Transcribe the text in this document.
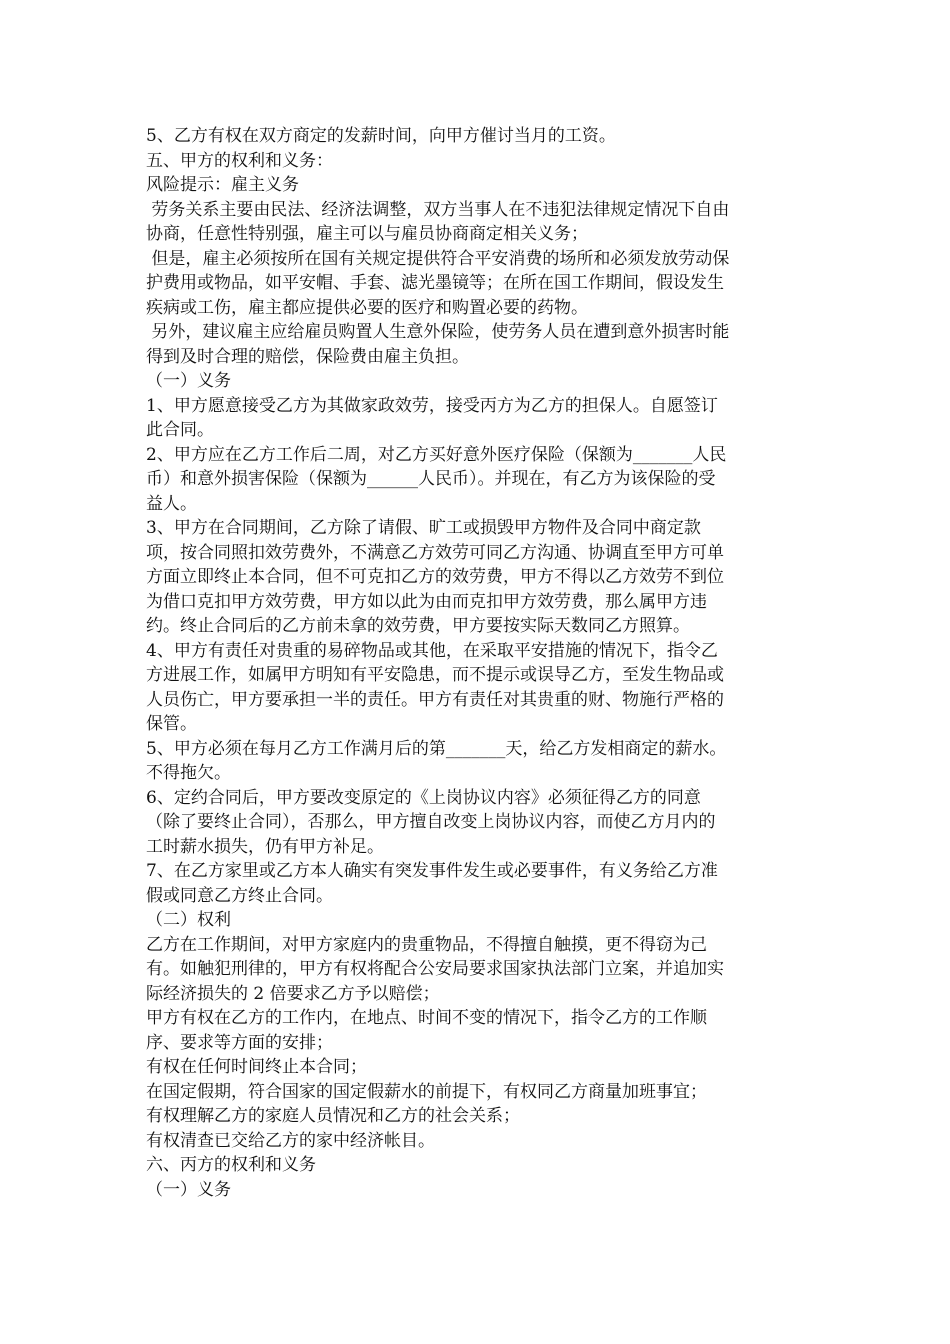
5、乙方有权在双方商定的发薪时间，向甲方催讨当月的工资。
五、甲方的权利和义务：
风险提示：雇主义务
劳务关系主要由民法、经济法调整，双方当事人在不违犯法律规定情况下自由
协商，任意性特别强，雇主可以与雇员协商商定相关义务；
但是，雇主必须按所在国有关规定提供符合平安消费的场所和必须发放劳动保
护费用或物品，如平安帽、手套、滤光墨镜等；在所在国工作期间，假设发生
疾病或工伤，雇主都应提供必要的医疗和购置必要的药物。
另外，建议雇主应给雇员购置人生意外保险，使劳务人员在遭到意外损害时能
得到及时合理的赔偿，保险费由雇主负担。
（一）义务
1、甲方愿意接受乙方为其做家政效劳，接受丙方为乙方的担保人。自愿签订
此合同。
2、甲方应在乙方工作后二周，对乙方买好意外医疗保险（保额为_______人民
币）和意外损害保险（保额为______人民币）。并现在，有乙方为该保险的受
益人。
3、甲方在合同期间，乙方除了请假、旷工或损毁甲方物件及合同中商定款
项，按合同照扣效劳费外，不满意乙方效劳可同乙方沟通、协调直至甲方可单
方面立即终止本合同，但不可克扣乙方的效劳费，甲方不得以乙方效劳不到位
为借口克扣甲方效劳费，甲方如以此为由而克扣甲方效劳费，那么属甲方违
约。终止合同后的乙方前未拿的效劳费，甲方要按实际天数同乙方照算。
4、甲方有责任对贵重的易碎物品或其他，在采取平安措施的情况下，指令乙
方进展工作，如属甲方明知有平安隐患，而不提示或误导乙方，至发生物品或
人员伤亡，甲方要承担一半的责任。甲方有责任对其贵重的财、物施行严格的
保管。
5、甲方必须在每月乙方工作满月后的第_______天，给乙方发相商定的薪水。
不得拖欠。
6、定约合同后，甲方要改变原定的《上岗协议内容》必须征得乙方的同意
（除了要终止合同），否那么，甲方擅自改变上岗协议内容，而使乙方月内的
工时薪水损失，仍有甲方补足。
7、在乙方家里或乙方本人确实有突发事件发生或必要事件，有义务给乙方准
假或同意乙方终止合同。
（二）权利
乙方在工作期间，对甲方家庭内的贵重物品，不得擅自触摸，更不得窃为己
有。如触犯刑律的，甲方有权将配合公安局要求国家执法部门立案，并追加实
际经济损失的 2 倍要求乙方予以赔偿；
甲方有权在乙方的工作内，在地点、时间不变的情况下，指令乙方的工作顺
序、要求等方面的安排；
有权在任何时间终止本合同；
在国定假期，符合国家的国定假薪水的前提下，有权同乙方商量加班事宜；
有权理解乙方的家庭人员情况和乙方的社会关系；
有权清查已交给乙方的家中经济帐目。
六、丙方的权利和义务
（一）义务
